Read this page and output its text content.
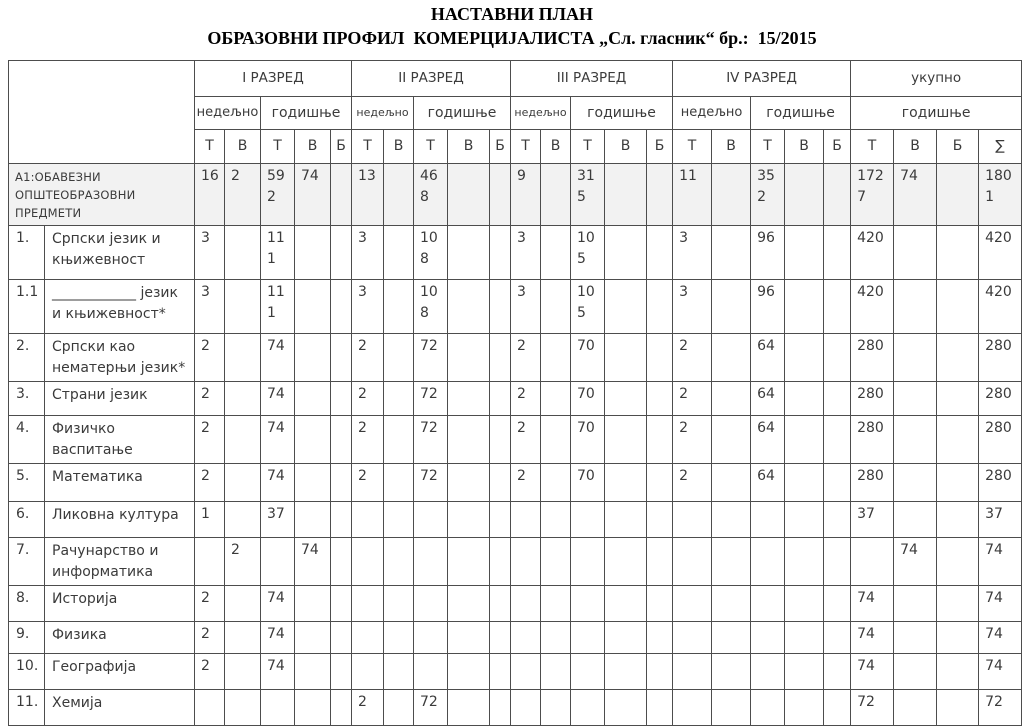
НАСТАВНИ ПЛАН
ОБРАЗОВНИ ПРОФИЛ  КОМЕРЦИЈАЛИСТА „Сл. гласник“ бр.:  15/2015
		I РАЗРЕД					II РАЗРЕД					III РАЗРЕД					IV РАЗРЕД					укупно			
		недељно		годишње			недељно		годишње			недељно		годишње			недељно		годишње			годишње			
		Т	В	Т	В	Б	Т	В	Т	В	Б	Т	В	Т	В	Б	Т	В	Т	В	Б	Т	В	Б	∑
А1:ОБАВЕЗНИ ОПШТЕОБРАЗОВНИ ПРЕДМЕТИ		16	2	592	74		13		468			9		315			11		352			1727	74		1801
1.	Српски језик и књижевност	3		111			3		108			3		105			3		96			420			420
1.1	____________ језик и књижевност*	3		111			3		108			3		105			3		96			420			420
2.	Српски као нематерњи језик*	2		74			2		72			2		70			2		64			280			280
3.	Страни језик	2		74			2		72			2		70			2		64			280			280
4.	Физичко васпитање	2		74			2		72			2		70			2		64			280			280
5.	Математика	2		74			2		72			2		70			2		64			280			280
6.	Ликовна култура	1		37																		37			37
7.	Рачунарство и информатика		2		74																		74		74
8.	Историја	2		74																		74			74
9.	Физика	2		74																		74			74
10.	Географија	2		74																		74			74
11.	Хемија						2		72													72			72
